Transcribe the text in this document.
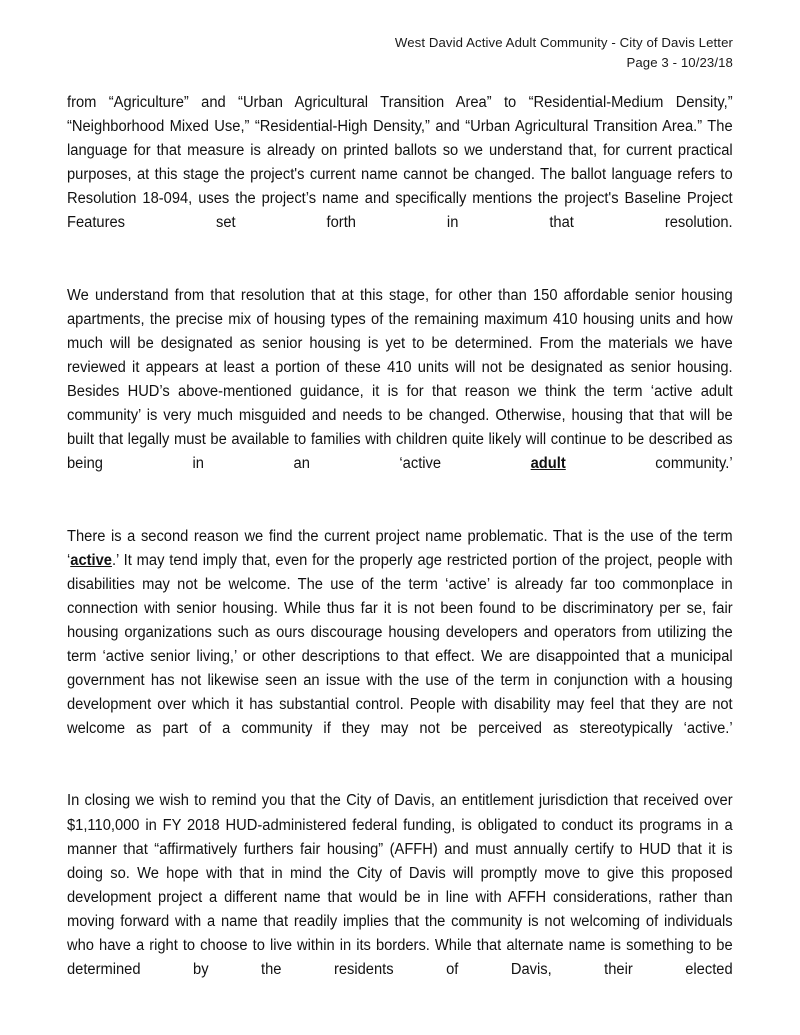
West David Active Adult Community - City of Davis Letter
Page 3 - 10/23/18

from “Agriculture” and “Urban Agricultural Transition Area” to “Residential-Medium Density,” “Neighborhood Mixed Use,” “Residential-High Density,” and “Urban Agricultural Transition Area.” The language for that measure is already on printed ballots so we understand that, for current practical purposes, at this stage the project's current name cannot be changed. The ballot language refers to Resolution 18-094, uses the project’s name and specifically mentions the project's Baseline Project Features set forth in that resolution.

We understand from that resolution that at this stage, for other than 150 affordable senior housing apartments, the precise mix of housing types of the remaining maximum 410 housing units and how much will be designated as senior housing is yet to be determined. From the materials we have reviewed it appears at least a portion of these 410 units will not be designated as senior housing. Besides HUD’s above-mentioned guidance, it is for that reason we think the term ‘active adult community’ is very much misguided and needs to be changed. Otherwise, housing that that will be built that legally must be available to families with children quite likely will continue to be described as being in an ‘active adult community.’

There is a second reason we find the current project name problematic. That is the use of the term ‘active.’ It may tend imply that, even for the properly age restricted portion of the project, people with disabilities may not be welcome. The use of the term ‘active’ is already far too commonplace in connection with senior housing. While thus far it is not been found to be discriminatory per se, fair housing organizations such as ours discourage housing developers and operators from utilizing the term ‘active senior living,’ or other descriptions to that effect. We are disappointed that a municipal government has not likewise seen an issue with the use of the term in conjunction with a housing development over which it has substantial control. People with disability may feel that they are not welcome as part of a community if they may not be perceived as stereotypically ‘active.’

In closing we wish to remind you that the City of Davis, an entitlement jurisdiction that received over $1,110,000 in FY 2018 HUD-administered federal funding, is obligated to conduct its programs in a manner that “affirmatively furthers fair housing” (AFFH) and must annually certify to HUD that it is doing so. We hope with that in mind the City of Davis will promptly move to give this proposed development project a different name that would be in line with AFFH considerations, rather than moving forward with a name that readily implies that the community is not welcoming of individuals who have a right to choose to live within in its borders. While that alternate name is something to be determined by the residents of Davis, their elected
